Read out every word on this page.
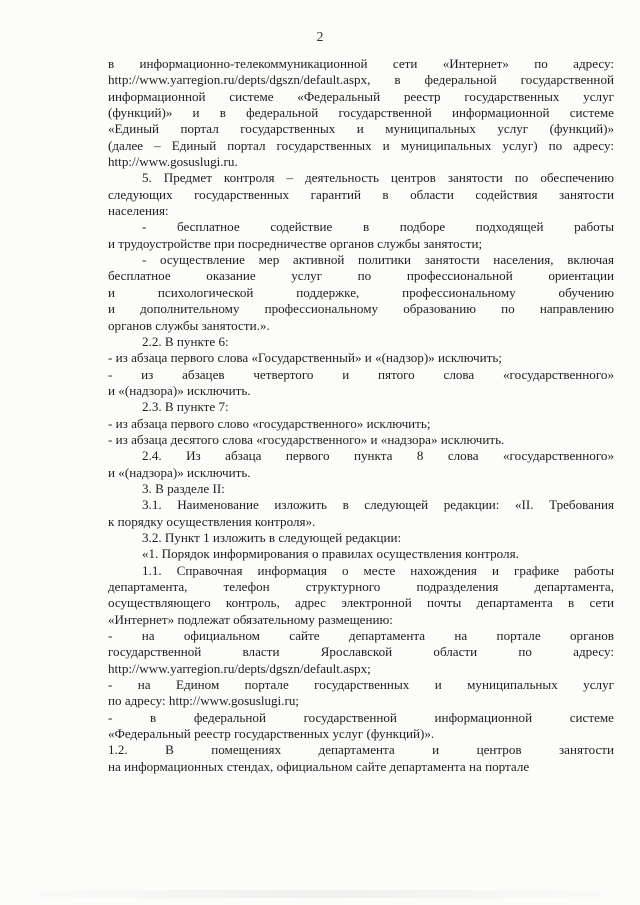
2

в информационно-телекоммуникационной сети «Интернет» по адресу:

http://www.yarregion.ru/depts/dgszn/default.aspx, в федеральной государственной

информационной системе «Федеральный реестр государственных услуг

(функций)» и в федеральной государственной информационной системе

«Единый портал государственных и муниципальных услуг (функций)»

(далее – Единый портал государственных и муниципальных услуг) по адресу:

http://www.gosuslugi.ru.

5. Предмет контроля – деятельность центров занятости по обеспечению

следующих государственных гарантий в области содействия занятости

населения:

- бесплатное содействие в подборе подходящей работы

и трудоустройстве при посредничестве органов службы занятости;

- осуществление мер активной политики занятости населения, включая

бесплатное оказание услуг по профессиональной ориентации

и психологической поддержке, профессиональному обучению

и дополнительному профессиональному образованию по направлению

органов службы занятости.».

2.2. В пункте 6:

- из абзаца первого слова «Государственный» и «(надзор)» исключить;

- из абзацев четвертого и пятого слова «государственного»

и «(надзора)» исключить.

2.3. В пункте 7:

- из абзаца первого слово «государственного» исключить;

- из абзаца десятого слова «государственного» и «надзора» исключить.

2.4. Из абзаца первого пункта 8 слова «государственного»

и «(надзора)» исключить.

3. В разделе II:

3.1. Наименование изложить в следующей редакции: «II. Требования

к порядку осуществления контроля».

3.2. Пункт 1 изложить в следующей редакции:

«1. Порядок информирования о правилах осуществления контроля.

1.1. Справочная информация о месте нахождения и графике работы

департамента, телефон структурного подразделения департамента,

осуществляющего контроль, адрес электронной почты департамента в сети

«Интернет» подлежат обязательному размещению:

- на официальном сайте департамента на портале органов

государственной власти Ярославской области по адресу:

http://www.yarregion.ru/depts/dgszn/default.aspx;

- на Едином портале государственных и муниципальных услуг

по адресу: http://www.gosuslugi.ru;

- в федеральной государственной информационной системе

«Федеральный реестр государственных услуг (функций)».

1.2. В помещениях департамента и центров занятости

на информационных стендах, официальном сайте департамента на портале
